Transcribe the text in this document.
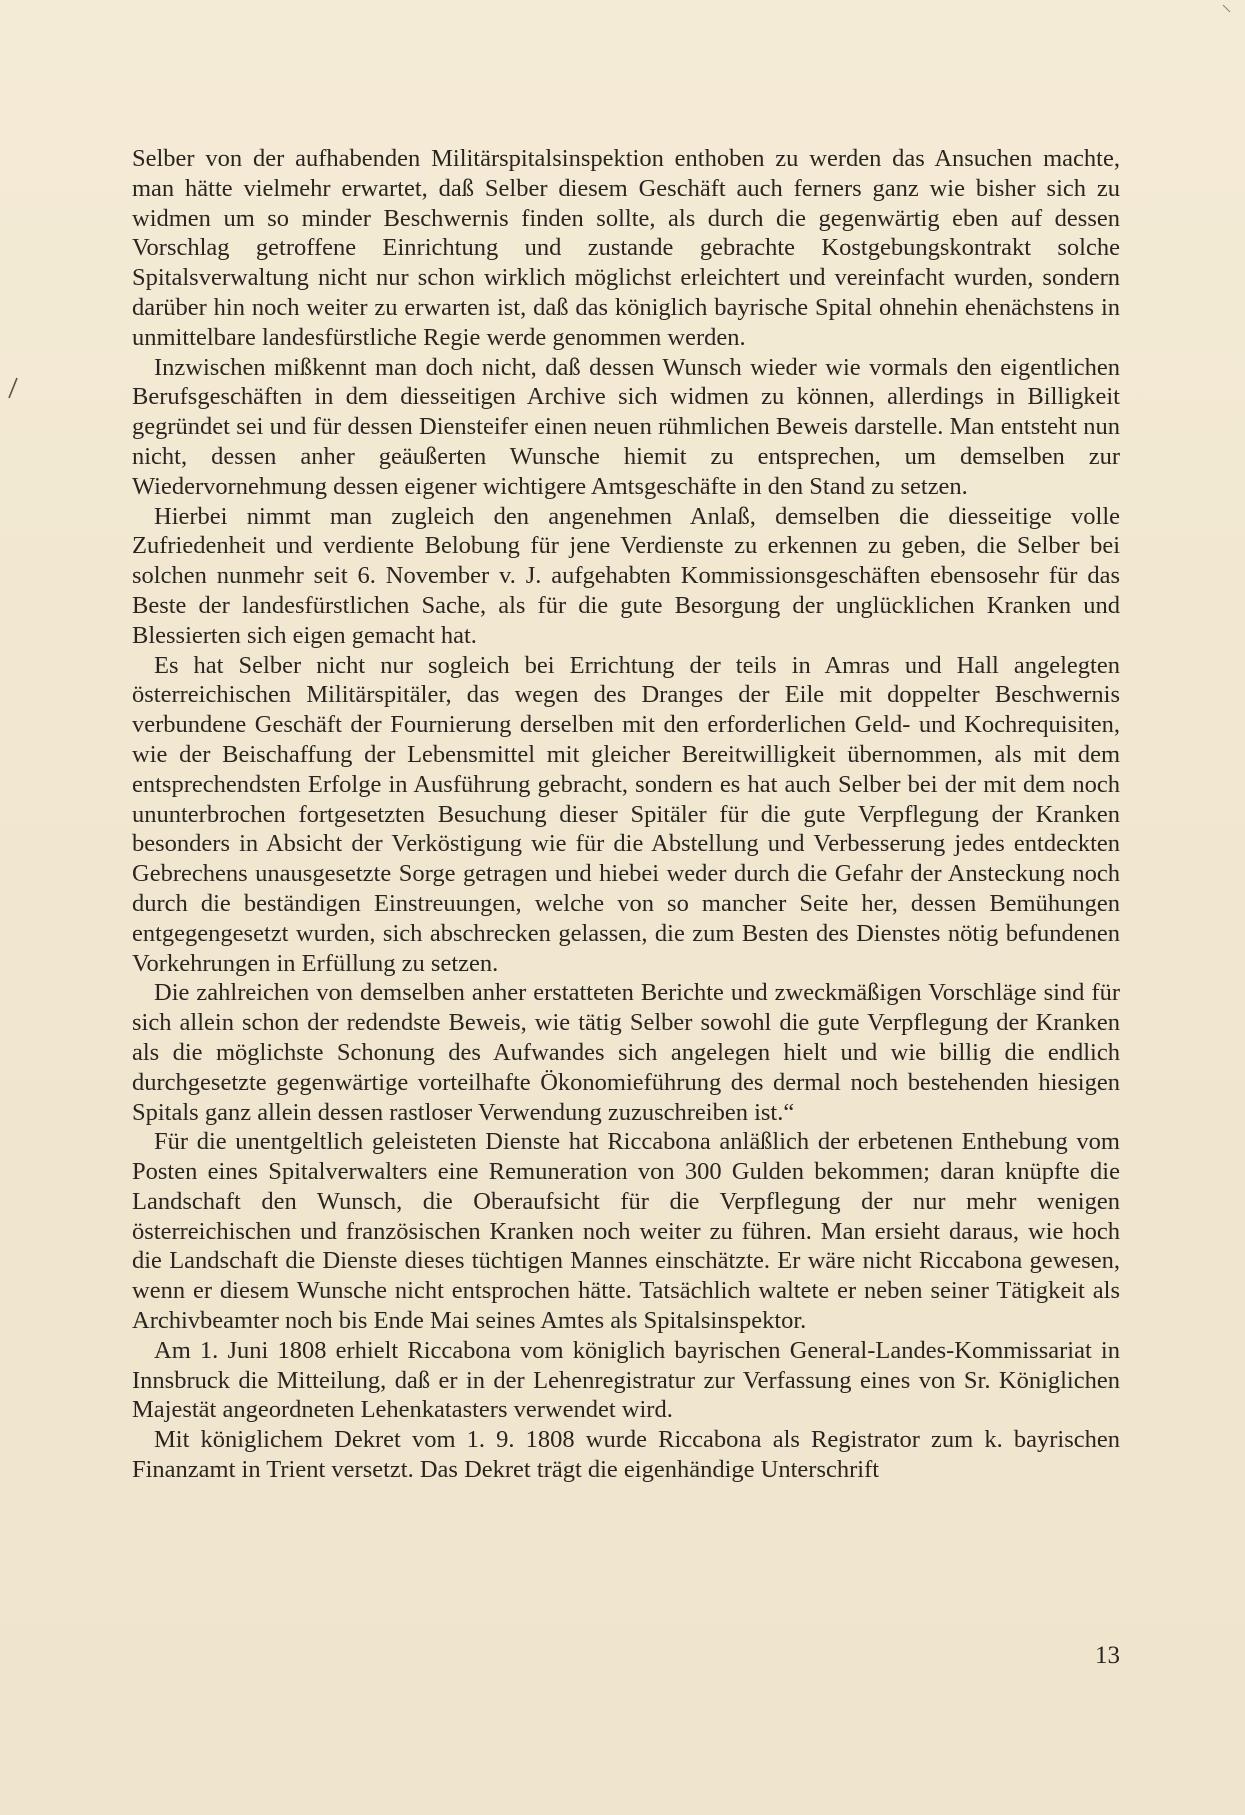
Selber von der aufhabenden Militärspitalsinspektion enthoben zu werden das Ansuchen machte, man hätte vielmehr erwartet, daß Selber diesem Geschäft auch ferners ganz wie bisher sich zu widmen um so minder Beschwernis finden sollte, als durch die gegenwärtig eben auf dessen Vorschlag getroffene Einrichtung und zustande gebrachte Kostgebungskontrakt solche Spitalsverwaltung nicht nur schon wirklich möglichst erleichtert und vereinfacht wurden, sondern darüber hin noch weiter zu erwarten ist, daß das königlich bayrische Spital ohnehin ehenächstens in unmittelbare landesfürstliche Regie werde genommen werden.

Inzwischen mißkennt man doch nicht, daß dessen Wunsch wieder wie vormals den eigentlichen Berufsgeschäften in dem diesseitigen Archive sich widmen zu können, allerdings in Billigkeit gegründet sei und für dessen Diensteifer einen neuen rühmlichen Beweis darstelle. Man entsteht nun nicht, dessen anher geäußerten Wunsche hiemit zu entsprechen, um demselben zur Wiedervornehmung dessen eigener wichtigere Amtsgeschäfte in den Stand zu setzen.

Hierbei nimmt man zugleich den angenehmen Anlaß, demselben die diesseitige volle Zufriedenheit und verdiente Belobung für jene Verdienste zu erkennen zu geben, die Selber bei solchen nunmehr seit 6. November v. J. aufgehabten Kommissionsgeschäften ebensosehr für das Beste der landesfürstlichen Sache, als für die gute Besorgung der unglücklichen Kranken und Blessierten sich eigen gemacht hat.

Es hat Selber nicht nur sogleich bei Errichtung der teils in Amras und Hall angelegten österreichischen Militärspitäler, das wegen des Dranges der Eile mit doppelter Beschwernis verbundene Geschäft der Fournierung derselben mit den erforderlichen Geld- und Kochrequisiten, wie der Beischaffung der Lebensmittel mit gleicher Bereitwilligkeit übernommen, als mit dem entsprechendsten Erfolge in Ausführung gebracht, sondern es hat auch Selber bei der mit dem noch ununterbrochen fortgesetzten Besuchung dieser Spitäler für die gute Verpflegung der Kranken besonders in Absicht der Verköstigung wie für die Abstellung und Verbesserung jedes entdeckten Gebrechens unausgesetzte Sorge getragen und hiebei weder durch die Gefahr der Ansteckung noch durch die beständigen Einstreuungen, welche von so mancher Seite her, dessen Bemühungen entgegengesetzt wurden, sich abschrecken gelassen, die zum Besten des Dienstes nötig befundenen Vorkehrungen in Erfüllung zu setzen.

Die zahlreichen von demselben anher erstatteten Berichte und zweckmäßigen Vorschläge sind für sich allein schon der redendste Beweis, wie tätig Selber sowohl die gute Verpflegung der Kranken als die möglichste Schonung des Aufwandes sich angelegen hielt und wie billig die endlich durchgesetzte gegenwärtige vorteilhafte Ökonomieführung des dermal noch bestehenden hiesigen Spitals ganz allein dessen rastloser Verwendung zuzuschreiben ist.“

Für die unentgeltlich geleisteten Dienste hat Riccabona anläßlich der erbetenen Enthebung vom Posten eines Spitalverwalters eine Remuneration von 300 Gulden bekommen; daran knüpfte die Landschaft den Wunsch, die Oberaufsicht für die Verpflegung der nur mehr wenigen österreichischen und französischen Kranken noch weiter zu führen. Man ersieht daraus, wie hoch die Landschaft die Dienste dieses tüchtigen Mannes einschätzte. Er wäre nicht Riccabona gewesen, wenn er diesem Wunsche nicht entsprochen hätte. Tatsächlich waltete er neben seiner Tätigkeit als Archivbeamter noch bis Ende Mai seines Amtes als Spitalsinspektor.

Am 1. Juni 1808 erhielt Riccabona vom königlich bayrischen General-Landes-Kommissariat in Innsbruck die Mitteilung, daß er in der Lehenregistratur zur Verfassung eines von Sr. Königlichen Majestät angeordneten Lehenkatasters verwendet wird.

Mit königlichem Dekret vom 1. 9. 1808 wurde Riccabona als Registrator zum k. bayrischen Finanzamt in Trient versetzt. Das Dekret trägt die eigenhändige Unterschrift

13
